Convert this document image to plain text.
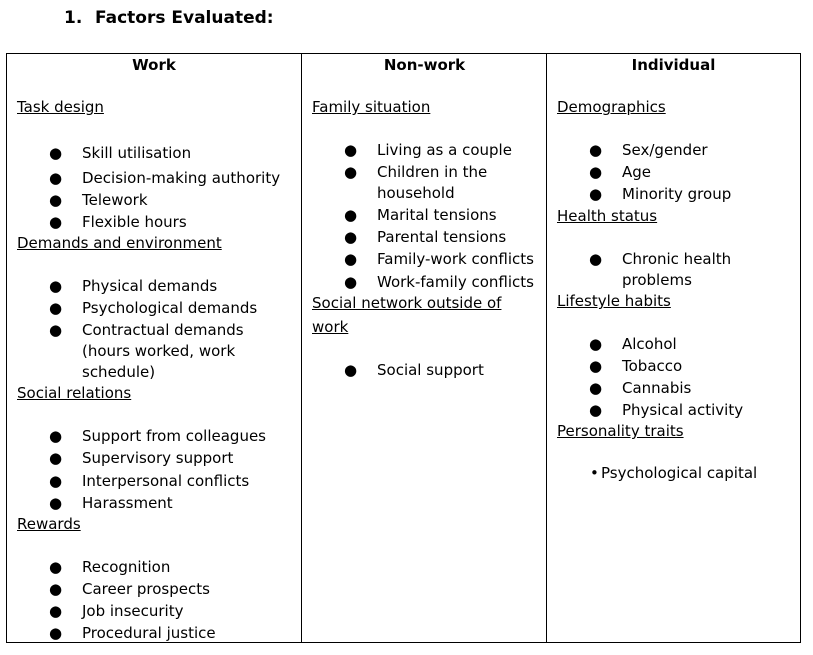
1. Factors Evaluated:
Work
Task design
● Skill utilisation
● Decision-making authority
● Telework
● Flexible hours
Demands and environment
● Physical demands
● Psychological demands
● Contractual demands
(hours worked, work
schedule)
Social relations
● Support from colleagues
● Supervisory support
● Interpersonal conflicts
● Harassment
Rewards
● Recognition
● Career prospects
● Job insecurity
● Procedural justice
Non-work
Family situation
● Living as a couple
● Children in the
household
● Marital tensions
● Parental tensions
● Family-work conflicts
● Work-family conflicts
Social network outside of
work
● Social support
Individual
Demographics
● Sex/gender
● Age
● Minority group
Health status
● Chronic health
problems
Lifestyle habits
● Alcohol
● Tobacco
● Cannabis
● Physical activity
Personality traits
• Psychological capital
